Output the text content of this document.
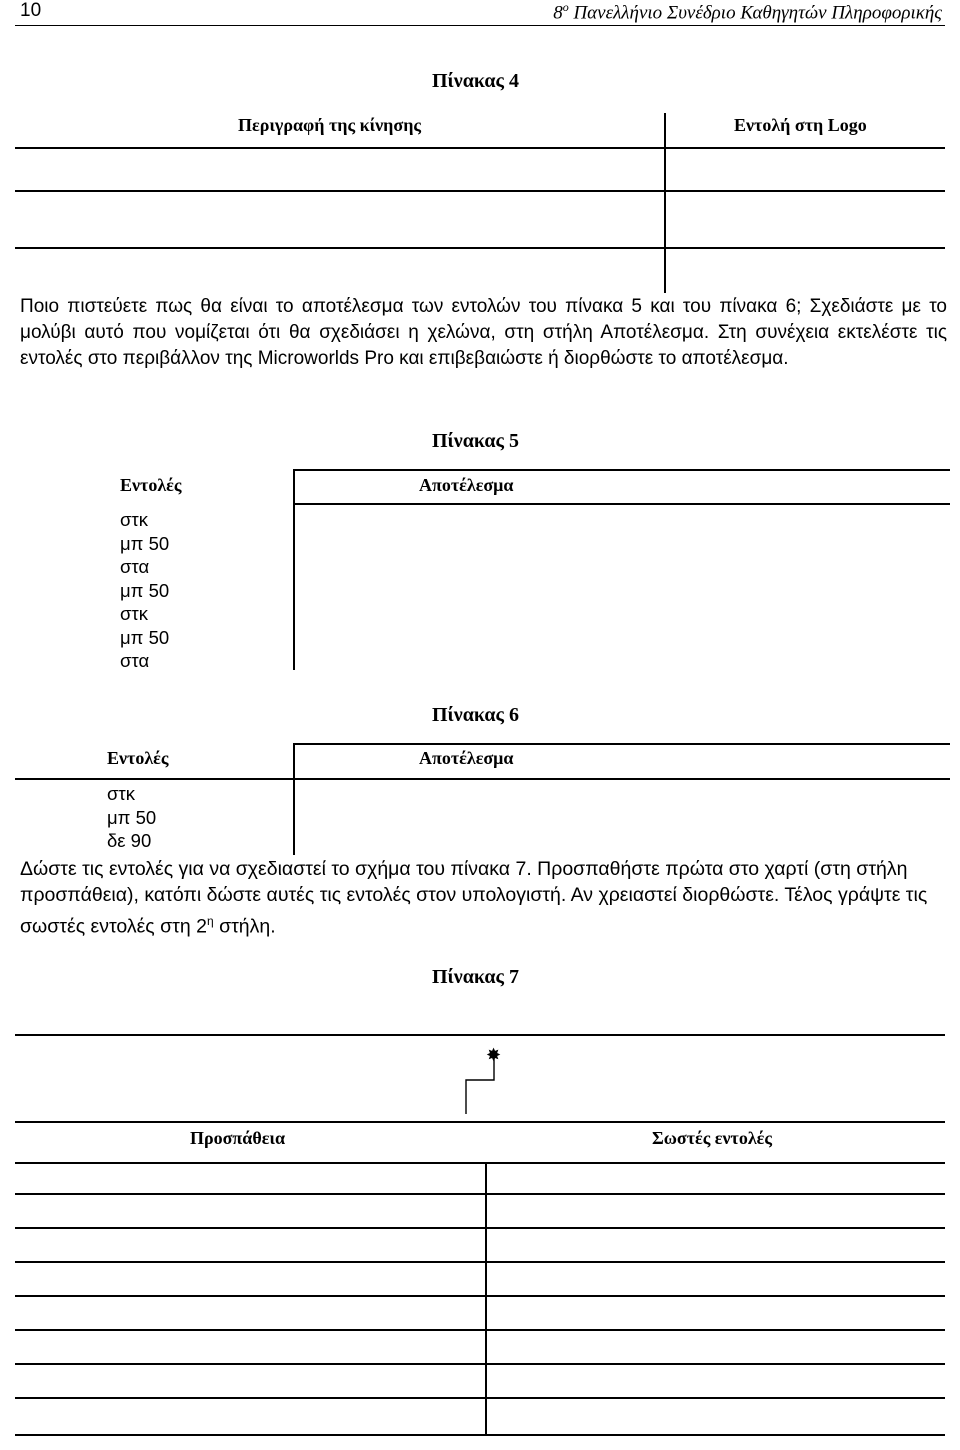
10	$8^o$ Πανελλήνιο Συνέδριο Καθηγητών Πληροφορικής
Πίνακας 4
Περιγραφή της κίνησης	Εντολή στη Logo
Ποιο πιστεύετε πως θα είναι το αποτέλεσμα των εντολών του πίνακα 5 και του πίνακα 6; Σχεδιάστε με το μολύβι αυτό που νομίζεται ότι θα σχεδιάσει η χελώνα, στη στήλη Αποτέλεσμα. Στη συνέχεια εκτελέστε τις εντολές στο περιβάλλον της Microworlds Pro και επιβεβαιώστε ή διορθώστε το αποτέλεσμα.
Πίνακας 5
Εντολές	Αποτέλεσμα
στκ
μπ 50
στα
μπ 50
στκ
μπ 50
στα
Πίνακας 6
Εντολές	Αποτέλεσμα
στκ
μπ 50
δε 90
Δώστε τις εντολές για να σχεδιαστεί το σχήμα του πίνακα 7. Προσπαθήστε πρώτα στο χαρτί (στη στήλη προσπάθεια), κατόπι δώστε αυτές τις εντολές στον υπολογιστή. Αν χρειαστεί διορθώστε. Τέλος γράψτε τις σωστές εντολές στη $2^\eta$ στήλη.
Πίνακας 7
✸
Προσπάθεια	Σωστές εντολές
